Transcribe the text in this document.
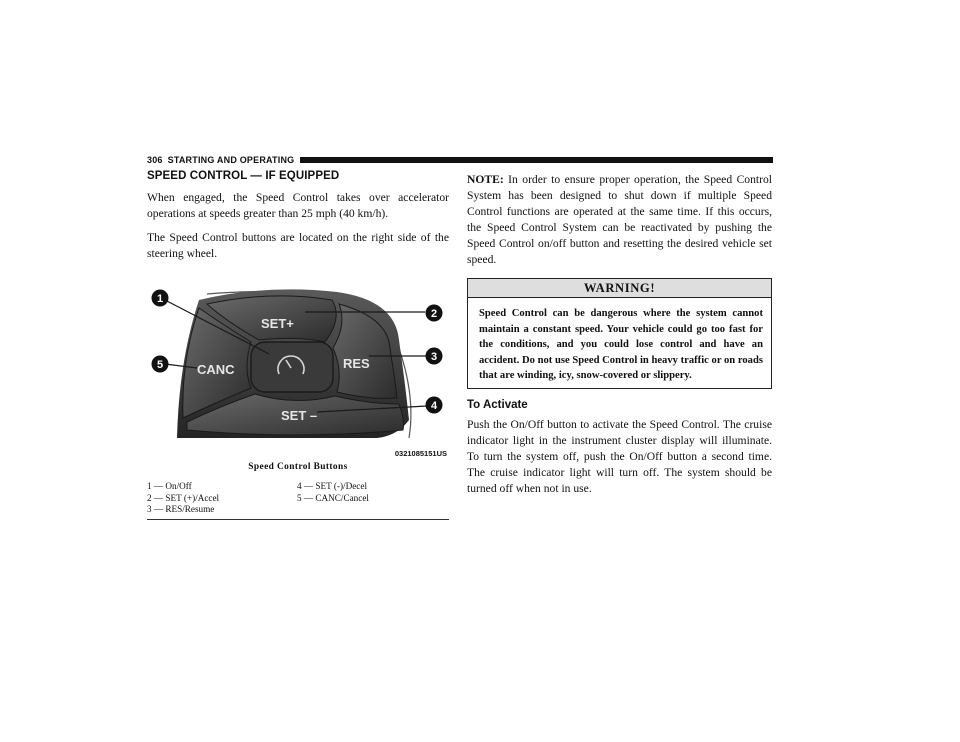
306 STARTING AND OPERATING
SPEED CONTROL — IF EQUIPPED

When engaged, the Speed Control takes over accelerator operations at speeds greater than 25 mph (40 km/h).

The Speed Control buttons are located on the right side of the steering wheel.

SET+
CANC	RES
SET –
1
2
3
4
5
0321085151US
Speed Control Buttons
1 — On/Off	4 — SET (-)/Decel
2 — SET (+)/Accel	5 — CANC/Cancel
3 — RES/Resume

NOTE: In order to ensure proper operation, the Speed Control System has been designed to shut down if multiple Speed Control functions are operated at the same time. If this occurs, the Speed Control System can be reactivated by pushing the Speed Control on/off button and resetting the desired vehicle set speed.

WARNING!
Speed Control can be dangerous where the system cannot maintain a constant speed. Your vehicle could go too fast for the conditions, and you could lose control and have an accident. Do not use Speed Control in heavy traffic or on roads that are winding, icy, snow-covered or slippery.
To Activate

Push the On/Off button to activate the Speed Control. The cruise indicator light in the instrument cluster display will illuminate. To turn the system off, push the On/Off button a second time. The cruise indicator light will turn off. The system should be turned off when not in use.
